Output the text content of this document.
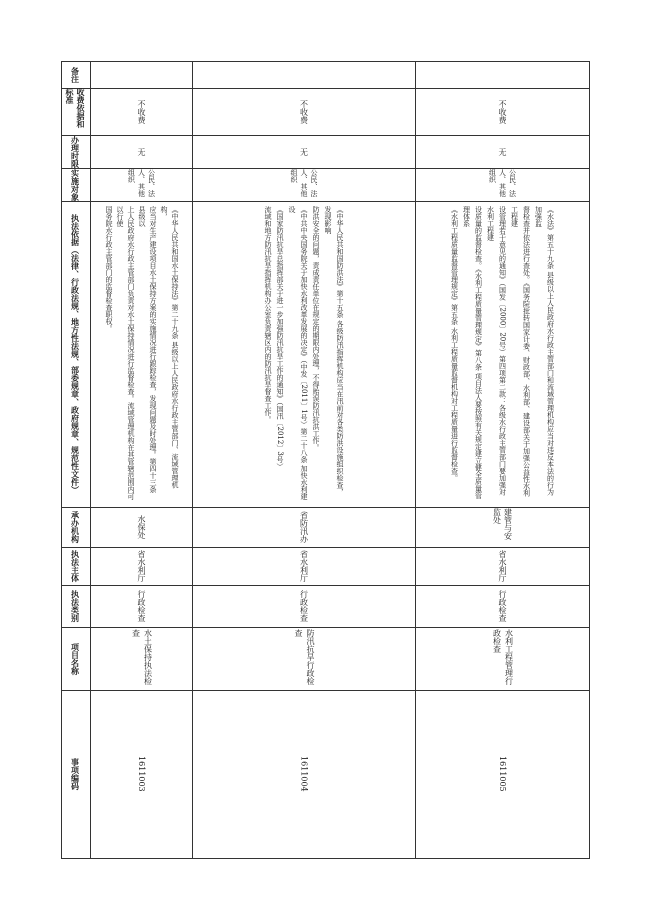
事项编码
项目名称
执法类别
执法主体
承办机构
执法依据（法律、行政法规、地方性法规、部委规章、政府规章、规范性文件）
实施对象
办理时限
收费依据和标准
备注
1611003
水土保持执法检查
行政检查
省水利厅
水保处
《中华人民共和国水土保持法》第二十九条 县级以上人民政府水行政主管部门、流域管理机构，
应当对生产建设项目水土保持方案的实施情况进行跟踪检查，发现问题及时处理。第四十三条 县级以
上人民政府水行政主管部门负责对水土保持情况进行监督检查。流域管理机构在其管辖范围内可以行使
国务院水行政主管部门的监督检查职权。
公民、法人、其他组织
无
不收费
1611004
防汛抗旱行政检查
行政检查
省水利厅
省防汛办
《中华人民共和国防洪法》第十五条 各级防汛指挥机构应当在汛前对各类防洪设施组织检查，发现影响
防洪安全的问题，责成责任单位在规定的期限内处理，不得贻误防汛抗洪工作。
《中共中央国务院关于加快水利改革发展的决定》（中发〔2011〕1号）第二十八条 加快水利建设
《国家防汛抗旱总指挥部关于进一步加强防汛抗旱工作的通知》（国汛〔2012〕3号）
流域和地方防汛抗旱指挥机构办公室负责辖区内的防汛抗旱督查工作。
公民、法人、其他组织
无
不收费
1611005
水利工程管理行政检查
行政检查
省水利厅
建管与安监处
《水法》第五十九条 县级以上人民政府水行政主管部门和流域管理机构应当对违反本法的行为加强监
督检查并依法进行查处。《国务院批转国家计委、财政部、水利部、建设部关于加强公益性水利工程建
设管理若干意见的通知》（国发〔2000〕20号）第四项第二款：各级水行政主管部门要加强对水利工程建
设质量的监督检查。《水利工程质量管理规定》第八条 项目法人要按照有关规定建立健全质量管理体系
《水利工程质量监督管理规定》第五条 水利工程质量监督机构对工程质量进行监督检查。
公民、法人、其他组织
无
不收费
